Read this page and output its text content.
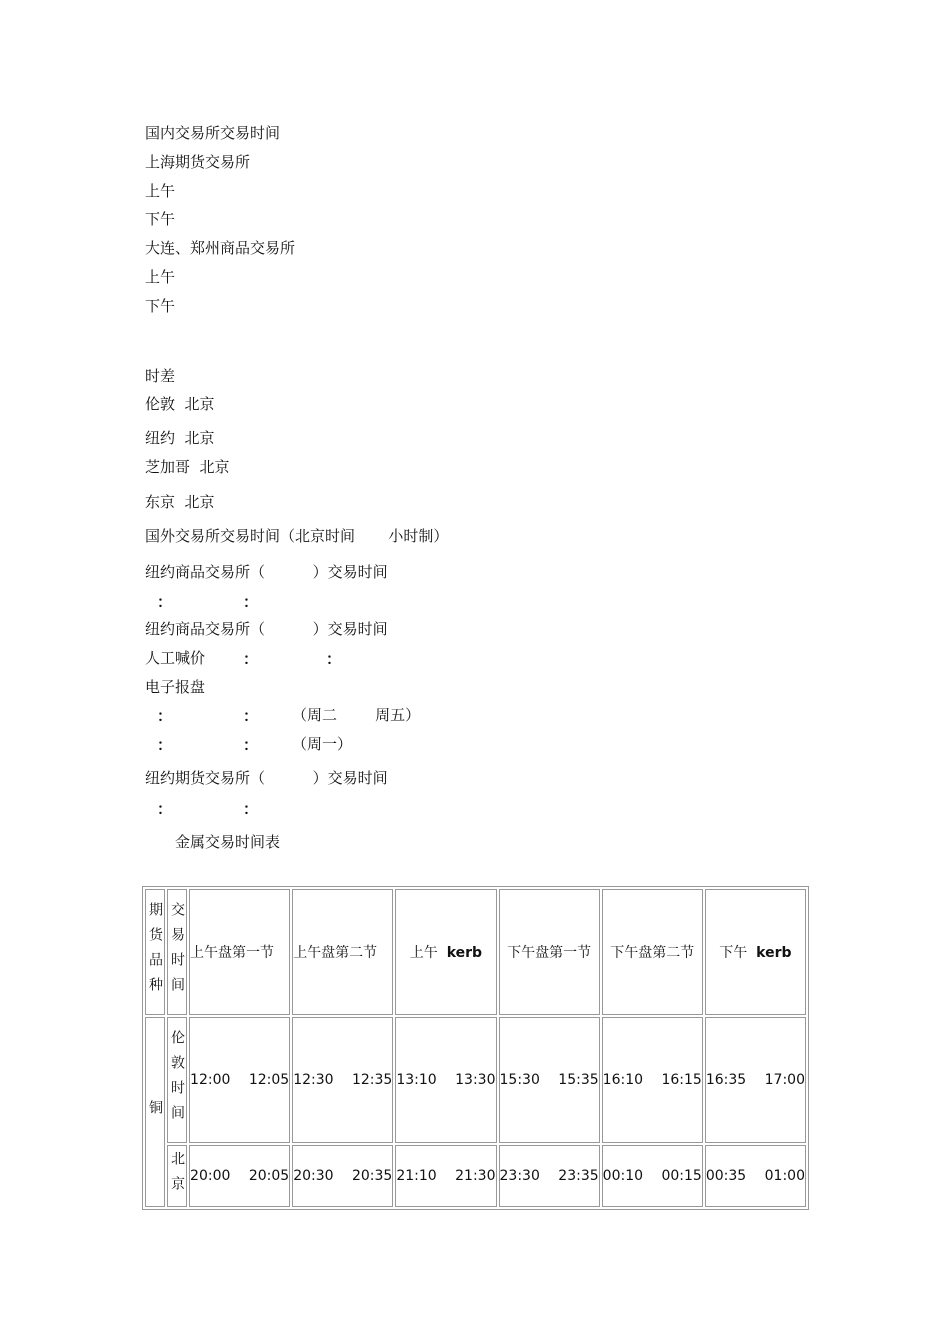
国内交易所交易时间
上海期货交易所
上午
下午
大连、郑州商品交易所
上午
下午
时差
伦敦  北京
纽约  北京
芝加哥  北京
东京  北京
国外交易所交易时间（北京时间       小时制）
纽约商品交易所（          ）交易时间
：	：
纽约商品交易所（          ）交易时间
人工喊价	：	：
电子报盘
：	： （周二        周五）
：	： （周一）
纽约期货交易所（          ）交易时间
：	：
金属交易时间表
期货品种	交易时间	上午盘第一节	上午盘第二节	上午 kerb	下午盘第一节	下午盘第二节	下午 kerb

铜	伦敦时间	12:00 12:05	12:30 12:35	13:10 13:30	15:30 15:35	16:10 16:15	16:35 17:00

	北京	20:00 20:05	20:30 20:35	21:10 21:30	23:30 23:35	00:10 00:15	00:35 01:00
